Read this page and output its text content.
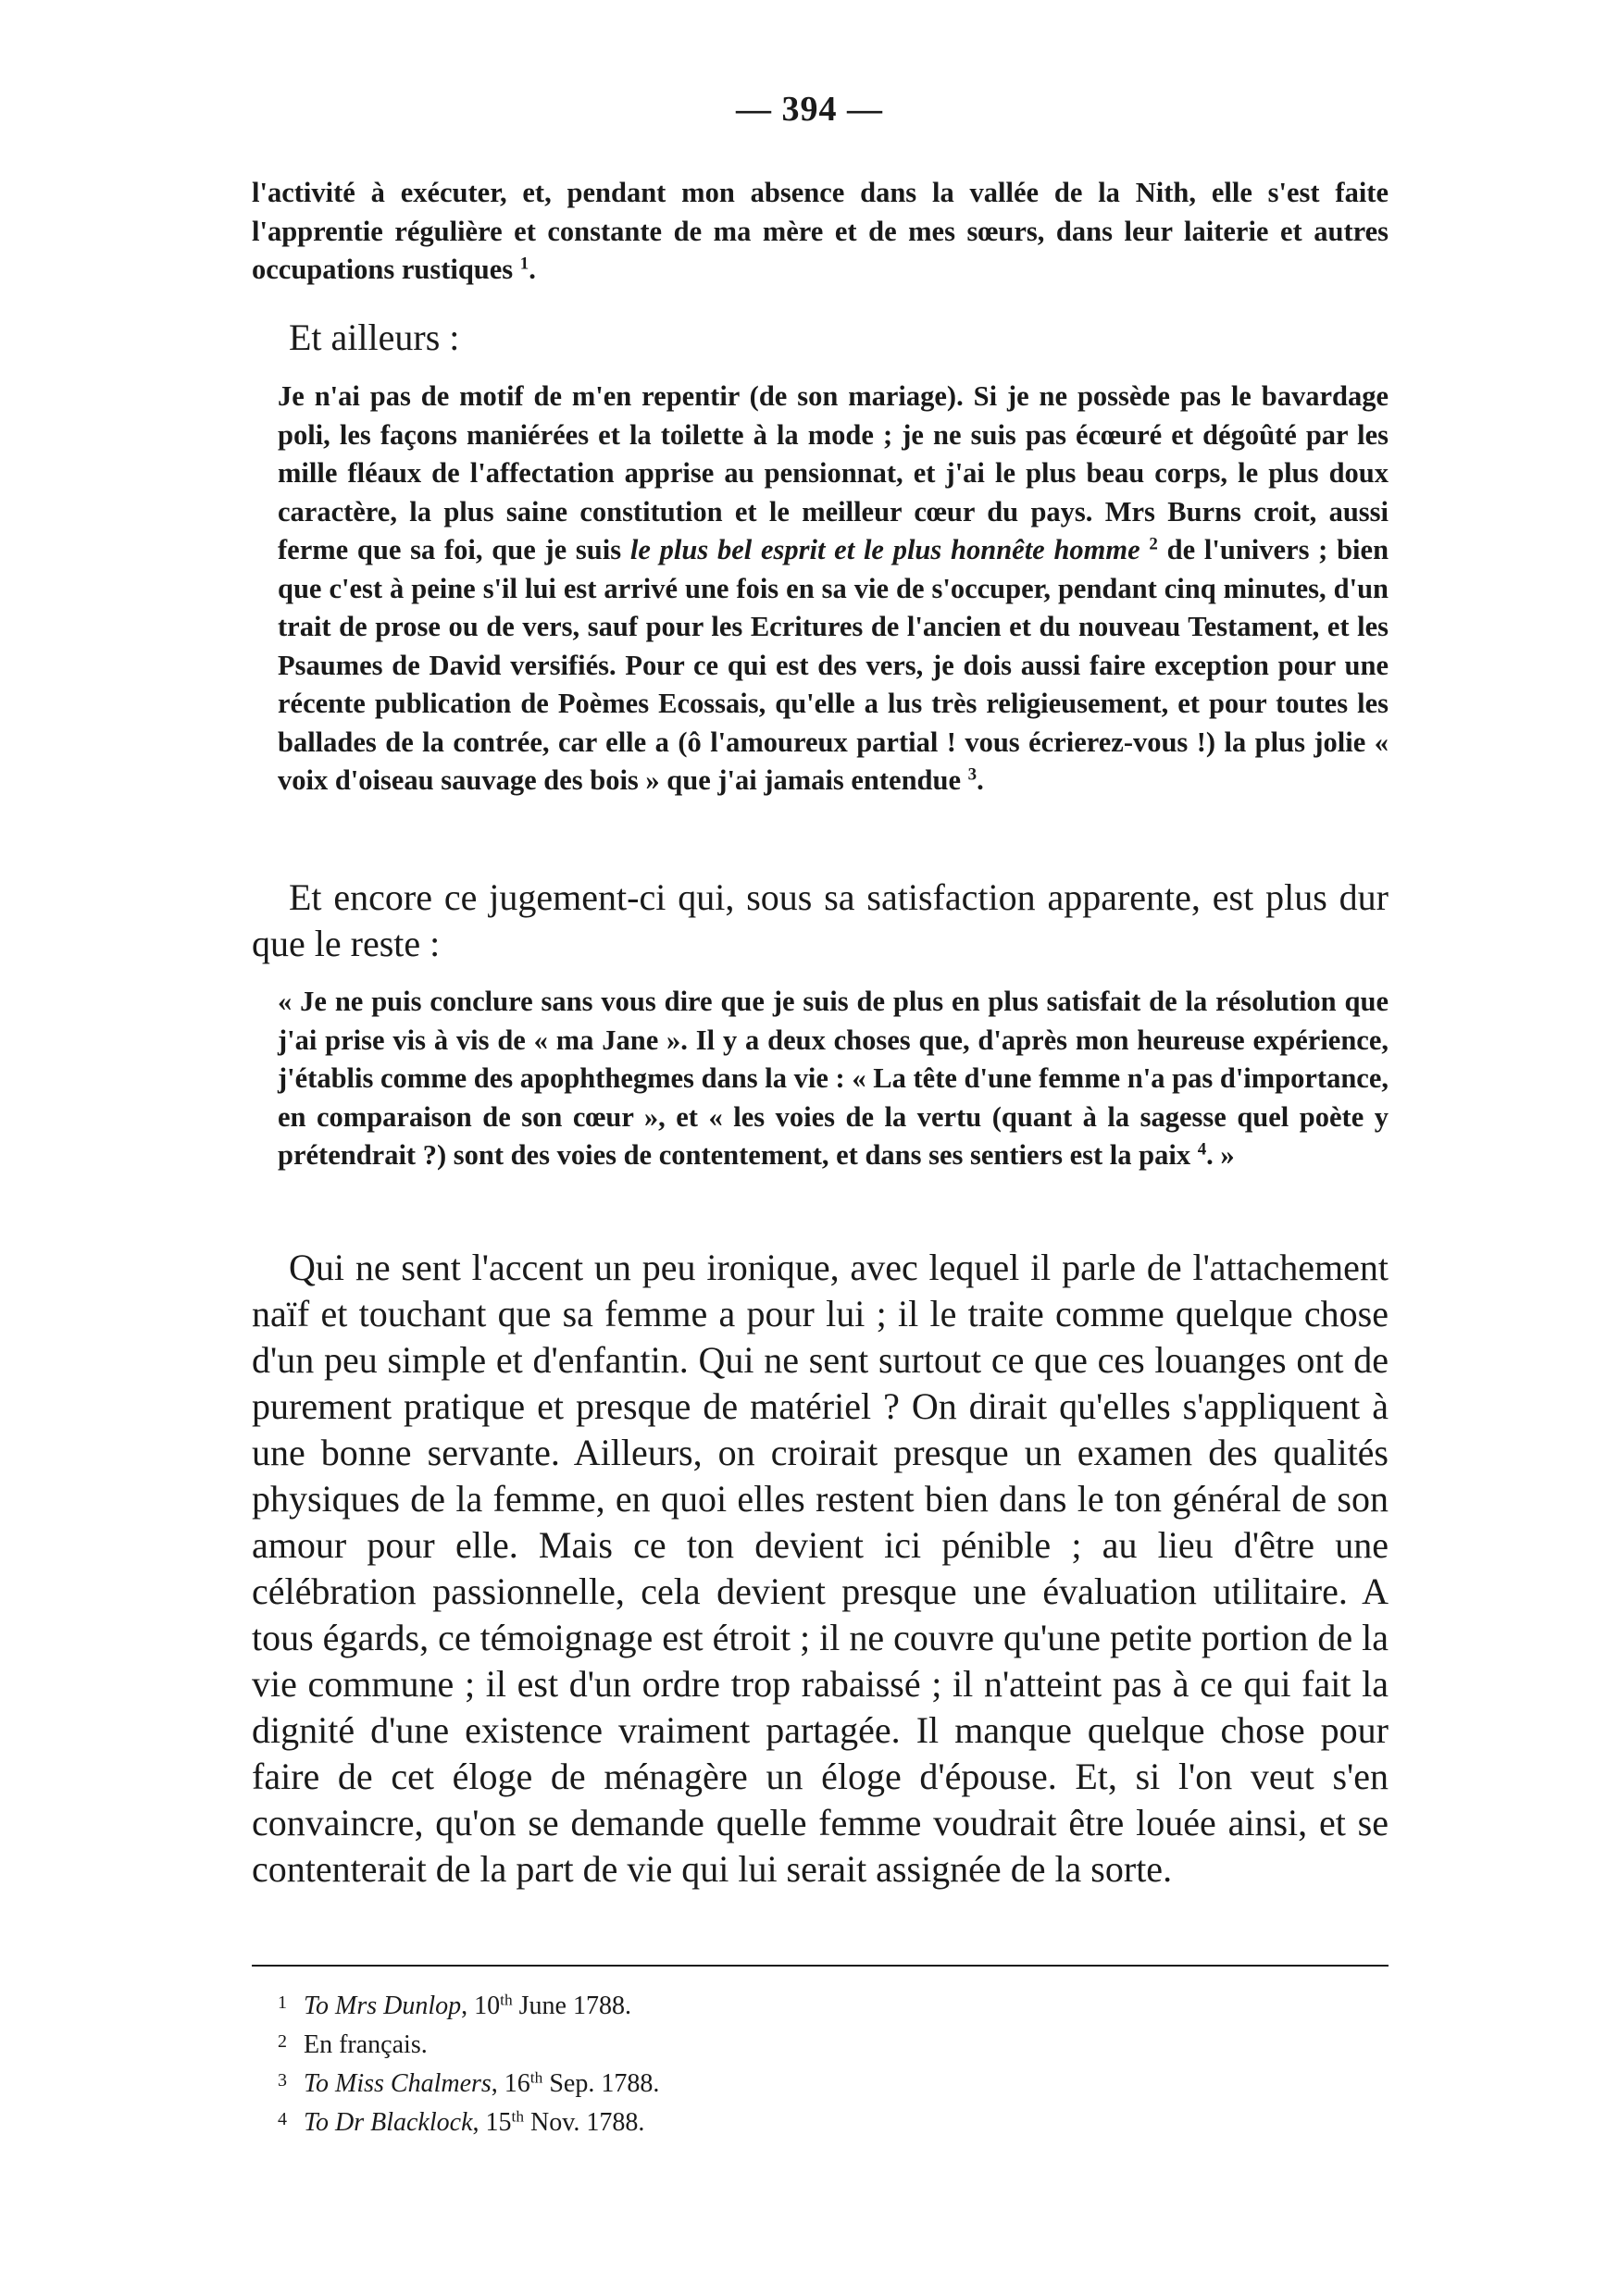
— 394 —

l'activité à exécuter, et, pendant mon absence dans la vallée de la Nith, elle s'est faite l'apprentie régulière et constante de ma mère et de mes sœurs, dans leur laiterie et autres occupations rustiques $^1$.

Et ailleurs :

Je n'ai pas de motif de m'en repentir (de son mariage). Si je ne possède pas le bavardage poli, les façons maniérées et la toilette à la mode ; je ne suis pas écœuré et dégoûté par les mille fléaux de l'affectation apprise au pensionnat, et j'ai le plus beau corps, le plus doux caractère, la plus saine constitution et le meilleur cœur du pays. Mrs Burns croit, aussi ferme que sa foi, que je suis le plus bel esprit et le plus honnête homme $^2$ de l'univers ; bien que c'est à peine s'il lui est arrivé une fois en sa vie de s'occuper, pendant cinq minutes, d'un trait de prose ou de vers, sauf pour les Ecritures de l'ancien et du nouveau Testament, et les Psaumes de David versifiés. Pour ce qui est des vers, je dois aussi faire exception pour une récente publication de Poèmes Ecossais, qu'elle a lus très religieusement, et pour toutes les ballades de la contrée, car elle a (ô l'amoureux partial ! vous écrierez-vous !) la plus jolie « voix d'oiseau sauvage des bois » que j'ai jamais entendue $^3$.

Et encore ce jugement-ci qui, sous sa satisfaction apparente, est plus dur que le reste :

« Je ne puis conclure sans vous dire que je suis de plus en plus satisfait de la résolution que j'ai prise vis à vis de « ma Jane ». Il y a deux choses que, d'après mon heureuse expérience, j'établis comme des apophthegmes dans la vie : « La tête d'une femme n'a pas d'importance, en comparaison de son cœur », et « les voies de la vertu (quant à la sagesse quel poète y prétendrait ?) sont des voies de contentement, et dans ses sentiers est la paix $^4$. »

Qui ne sent l'accent un peu ironique, avec lequel il parle de l'attachement naïf et touchant que sa femme a pour lui ; il le traite comme quelque chose d'un peu simple et d'enfantin. Qui ne sent surtout ce que ces louanges ont de purement pratique et presque de matériel ? On dirait qu'elles s'appliquent à une bonne servante. Ailleurs, on croirait presque un examen des qualités physiques de la femme, en quoi elles restent bien dans le ton général de son amour pour elle. Mais ce ton devient ici pénible ; au lieu d'être une célébration passionnelle, cela devient presque une évaluation utilitaire. A tous égards, ce témoignage est étroit ; il ne couvre qu'une petite portion de la vie commune ; il est d'un ordre trop rabaissé ; il n'atteint pas à ce qui fait la dignité d'une existence vraiment partagée. Il manque quelque chose pour faire de cet éloge de ménagère un éloge d'épouse. Et, si l'on veut s'en convaincre, qu'on se demande quelle femme voudrait être louée ainsi, et se contenterait de la part de vie qui lui serait assignée de la sorte.

1 To Mrs Dunlop, 10th June 1788.
2 En français.
3 To Miss Chalmers, 16th Sep. 1788.
4 To Dr Blacklock, 15th Nov. 1788.
